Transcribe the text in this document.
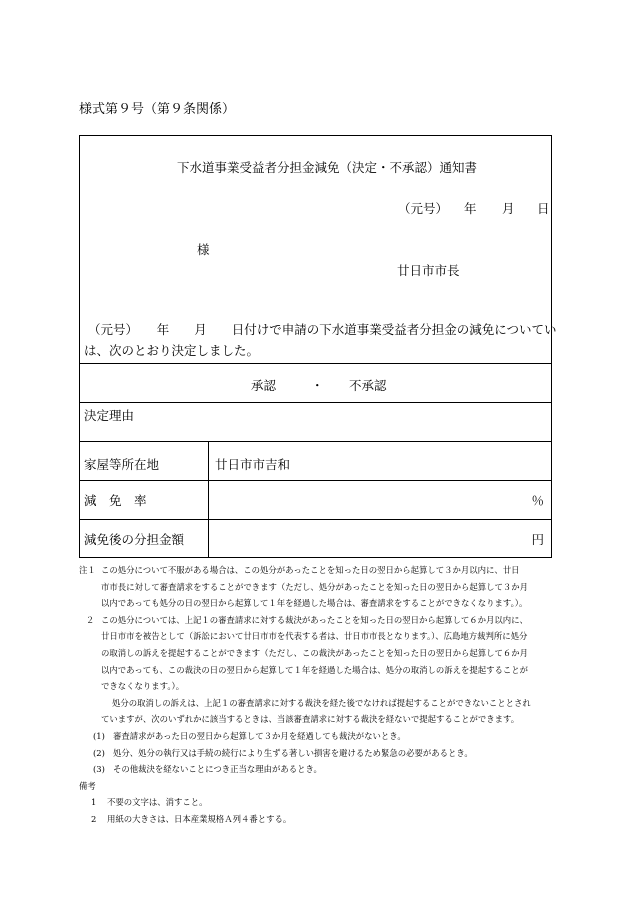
様式第９号（第９条関係）
下水道事業受益者分担金減免（決定・不承認）通知書
（元号） 年 月 日
様
廿日市市長
（元号）　　年　　月　　日付けで申請の下水道事業受益者分担金の減免についてい
は、次のとおり決定しました。
承認	・ 不承認
決定理由
家屋等所在地	廿日市市吉和
減　免　率	％
減免後の分担金額	円
注１ この処分について不服がある場合は、この処分があったことを知った日の翌日から起算して３か月以内に、廿日
市市長に対して審査請求をすることができます（ただし、処分があったことを知った日の翌日から起算して３か月
以内であっても処分の日の翌日から起算して１年を経過した場合は、審査請求をすることができなくなります。）。
２ この処分については、上記１の審査請求に対する裁決があったことを知った日の翌日から起算して６か月以内に、
廿日市市を被告として（訴訟において廿日市市を代表する者は、廿日市市長となります。）、広島地方裁判所に処分
の取消しの訴えを提起することができます（ただし、この裁決があったことを知った日の翌日から起算して６か月
以内であっても、この裁決の日の翌日から起算して１年を経過した場合は、処分の取消しの訴えを提起することが
できなくなります。）。
処分の取消しの訴えは、上記１の審査請求に対する裁決を経た後でなければ提起することができないこととされ
ていますが、次のいずれかに該当するときは、当該審査請求に対する裁決を経ないで提起することができます。
(1) 審査請求があった日の翌日から起算して３か月を経過しても裁決がないとき。
(2) 処分、処分の執行又は手続の続行により生ずる著しい損害を避けるため緊急の必要があるとき。
(3) その他裁決を経ないことにつき正当な理由があるとき。
備考
1 不要の文字は、消すこと。
2 用紙の大きさは、日本産業規格Ａ列４番とする。
